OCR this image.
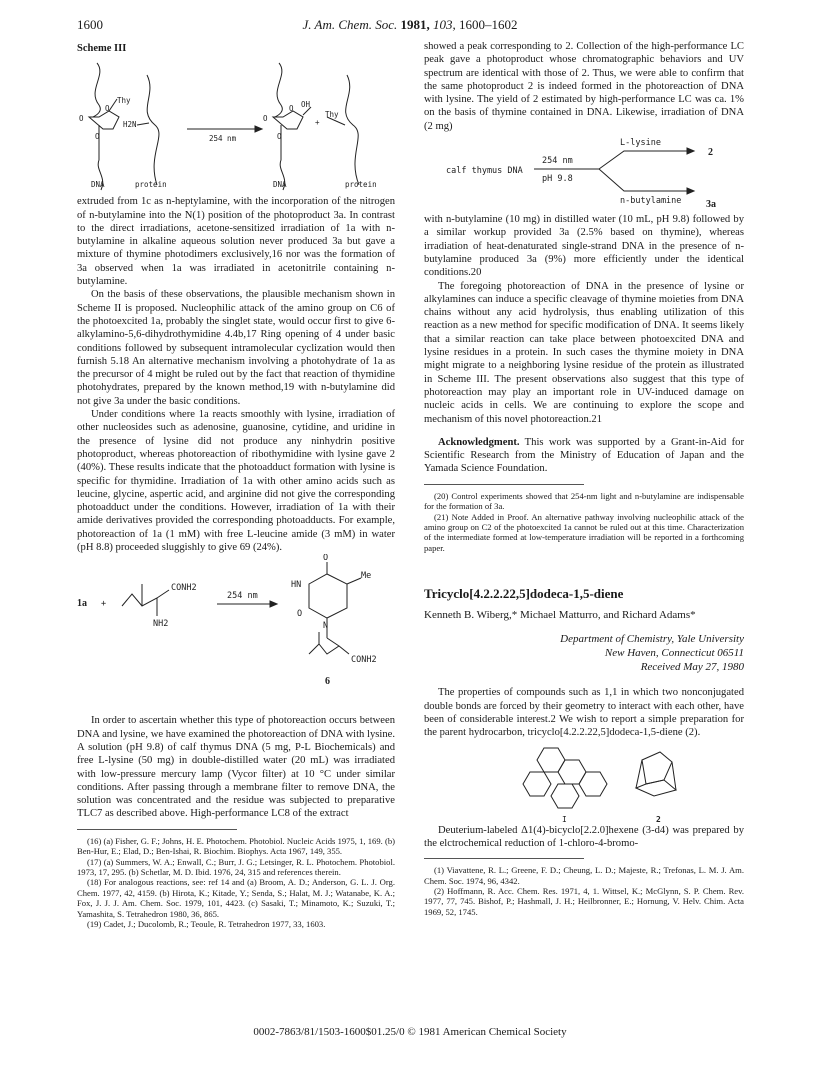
1600	J. Am. Chem. Soc. 1981, 103, 1600–1602
Scheme III
O
O
O
Thy
H2N
254 nm
O
O
O
OH
+
Thy
DNA	protein	DNA	protein

extruded from 1c as n-heptylamine, with the incorporation of the nitrogen of n-butylamine into the N(1) position of the photoproduct 3a. In contrast to the direct irradiations, acetone-sensitized irradiation of 1a with n-butylamine in alkaline aqueous solution never produced 3a but gave a mixture of thymine photodimers exclusively,16 nor was the formation of 3a observed when 1a was irradiated in acetonitrile containing n-butylamine.

On the basis of these observations, the plausible mechanism shown in Scheme II is proposed. Nucleophilic attack of the amino group on C6 of the photoexcited 1a, probably the singlet state, would occur first to give 6-alkylamino-5,6-dihydrothymidine 4.4b,17 Ring opening of 4 under basic conditions followed by subsequent intramolecular cyclization would then furnish 5.18 An alternative mechanism involving a photohydrate of 1a as the precursor of 4 might be ruled out by the fact that reaction of thymidine photohydrates, prepared by the known method,19 with n-butylamine did not give 3a under the basic conditions.

Under conditions where 1a reacts smoothly with lysine, irradiation of other nucleosides such as adenosine, guanosine, cytidine, and uridine in the presence of lysine did not produce any ninhydrin positive photoproduct, whereas photoreaction of ribothymidine with lysine gave 2 (40%). These results indicate that the photoadduct formation with lysine is specific for thymidine. Irradiation of 1a with other amino acids such as leucine, glycine, aspertic acid, and arginine did not give the corresponding photoadduct under the conditions. However, irradiation of 1a with their amide derivatives provided the corresponding photoadducts. For example, photoreaction of 1a (1 mM) with free L-leucine amide (3 mM) in water (pH 8.8) proceeded sluggishly to give 69 (24%).

1a +
CONH2
NH2
254 nm
O
HN
Me
O
N
CONH2
6

In order to ascertain whether this type of photoreaction occurs between DNA and lysine, we have examined the photoreaction of DNA with lysine. A solution (pH 9.8) of calf thymus DNA (5 mg, P-L Biochemicals) and free L-lysine (50 mg) in double-distilled water (20 mL) was irradiated with low-pressure mercury lamp (Vycor filter) at 10 °C under similar conditions. After passing through a membrane filter to remove DNA, the solution was concentrated and the residue was subjected to preparative TLC7 as described above. High-performance LC8 of the extract

(16) (a) Fisher, G. F.; Johns, H. E. Photochem. Photobiol. Nucleic Acids 1975, 1, 169. (b) Ben-Hur, E.; Elad, D.; Ben-Ishai, R. Biochim. Biophys. Acta 1967, 149, 355.

(17) (a) Summers, W. A.; Enwall, C.; Burr, J. G.; Letsinger, R. L. Photochem. Photobiol. 1973, 17, 295. (b) Schetlar, M. D. Ibid. 1976, 24, 315 and references therein.

(18) For analogous reactions, see: ref 14 and (a) Broom, A. D.; Anderson, G. L. J. Org. Chem. 1977, 42, 4159. (b) Hirota, K.; Kitade, Y.; Senda, S.; Halat, M. J.; Watanabe, K. A.; Fox, J. J. J. Am. Chem. Soc. 1979, 101, 4423. (c) Sasaki, T.; Minamoto, K.; Suzuki, T.; Yamashita, S. Tetrahedron 1980, 36, 865.

(19) Cadet, J.; Ducolomb, R.; Teoule, R. Tetrahedron 1977, 33, 1603.

showed a peak corresponding to 2. Collection of the high-performance LC peak gave a photoproduct whose chromatographic behaviors and UV spectrum are identical with those of 2. Thus, we were able to confirm that the same photoproduct 2 is indeed formed in the photoreaction of DNA with lysine. The yield of 2 estimated by high-performance LC was ca. 1% on the basis of thymine contained in DNA. Likewise, irradiation of DNA (2 mg)

calf thymus DNA
L-lysine
2
254 nm
pH 9.8
n-butylamine 3a

with n-butylamine (10 mg) in distilled water (10 mL, pH 9.8) followed by a similar workup provided 3a (2.5% based on thymine), whereas irradiation of heat-denaturated single-strand DNA in the presence of n-butylamine produced 3a (9%) more efficiently under the identical conditions.20

The foregoing photoreaction of DNA in the presence of lysine or alkylamines can induce a specific cleavage of thymine moieties from DNA chains without any acid hydrolysis, thus enabling utilization of this reaction as a new method for specific modification of DNA. It seems likely that a similar reaction can take place between photoexcited DNA and lysine residues in a protein. In such cases the thymine moiety in DNA might migrate to a neighboring lysine residue of the protein as illustrated in Scheme III. The present observations also suggest that this type of photoreaction may play an important role in UV-induced damage on nucleic acids in cells. We are continuing to explore the scope and mechanism of this novel photoreaction.21

Acknowledgment. This work was supported by a Grant-in-Aid for Scientific Research from the Ministry of Education of Japan and the Yamada Science Foundation.

(20) Control experiments showed that 254-nm light and n-butylamine are indispensable for the formation of 3a.

(21) Note Added in Proof. An alternative pathway involving nucleophilic attack of the amino group on C2 of the photoexcited 1a cannot be ruled out at this time. Characterization of the intermediate formed at low-temperature irradiation will be reported in a forthcoming paper.

Tricyclo[4.2.2.22,5]dodeca-1,5-diene

Kenneth B. Wiberg,* Michael Matturro, and Richard Adams*

Department of Chemistry, Yale University

New Haven, Connecticut 06511

Received May 27, 1980

The properties of compounds such as 1,1 in which two nonconjugated double bonds are forced by their geometry to interact with each other, have been of considerable interest.2 We wish to report a simple preparation for the parent hydrocarbon, tricyclo[4.2.2.22,5]dodeca-1,5-diene (2).

I	2

Deuterium-labeled Δ1(4)-bicyclo[2.2.0]hexene (3-d4) was prepared by the elctrochemical reduction of 1-chloro-4-bromo-

(1) Viavattene, R. L.; Greene, F. D.; Cheung, L. D.; Majeste, R.; Trefonas, L. M. J. Am. Chem. Soc. 1974, 96, 4342.

(2) Hoffmann, R. Acc. Chem. Res. 1971, 4, 1. Wittsel, K.; McGlynn, S. P. Chem. Rev. 1977, 77, 745. Bishof, P.; Hashmall, J. H.; Heilbronner, E.; Hornung, V. Helv. Chim. Acta 1969, 52, 1745.

0002-7863/81/1503-1600$01.25/0 © 1981 American Chemical Society
